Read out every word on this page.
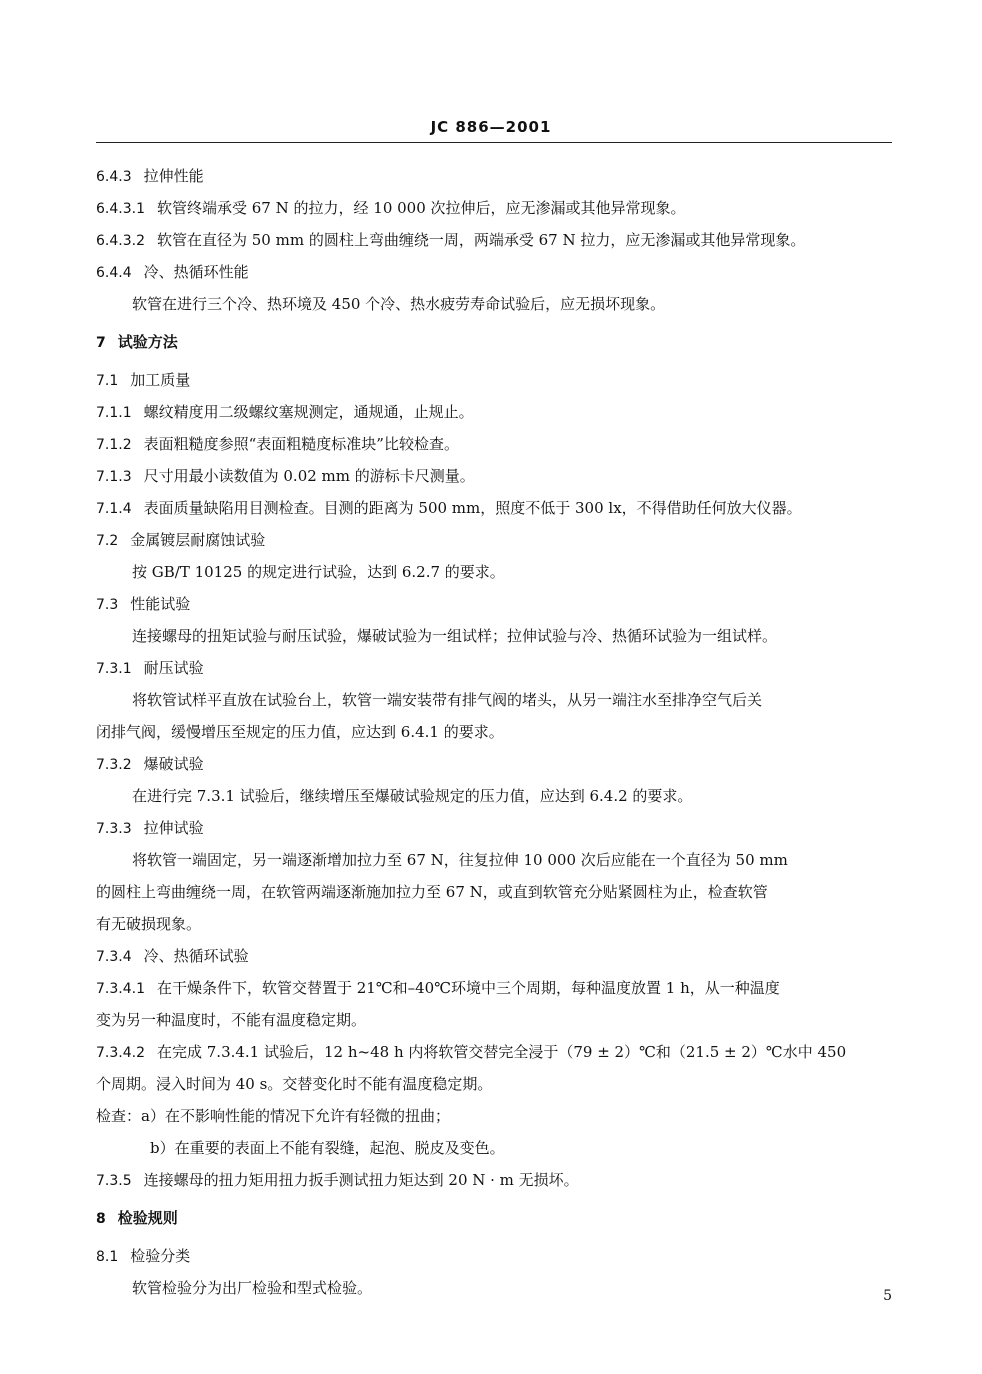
JC 886—2001
6.4.3 拉伸性能
6.4.3.1 软管终端承受 67 N 的拉力，经 10 000 次拉伸后，应无渗漏或其他异常现象。
6.4.3.2 软管在直径为 50 mm 的圆柱上弯曲缠绕一周，两端承受 67 N 拉力，应无渗漏或其他异常现象。
6.4.4 冷、热循环性能
软管在进行三个冷、热环境及 450 个冷、热水疲劳寿命试验后，应无损坏现象。
7 试验方法
7.1 加工质量
7.1.1 螺纹精度用二级螺纹塞规测定，通规通，止规止。
7.1.2 表面粗糙度参照“表面粗糙度标准块”比较检查。
7.1.3 尺寸用最小读数值为 0.02 mm 的游标卡尺测量。
7.1.4 表面质量缺陷用目测检查。目测的距离为 500 mm，照度不低于 300 lx，不得借助任何放大仪器。
7.2 金属镀层耐腐蚀试验
按 GB/T 10125 的规定进行试验，达到 6.2.7 的要求。
7.3 性能试验
连接螺母的扭矩试验与耐压试验，爆破试验为一组试样；拉伸试验与冷、热循环试验为一组试样。
7.3.1 耐压试验
将软管试样平直放在试验台上，软管一端安装带有排气阀的堵头，从另一端注水至排净空气后关
闭排气阀，缓慢增压至规定的压力值，应达到 6.4.1 的要求。
7.3.2 爆破试验
在进行完 7.3.1 试验后，继续增压至爆破试验规定的压力值，应达到 6.4.2 的要求。
7.3.3 拉伸试验
将软管一端固定，另一端逐渐增加拉力至 67 N，往复拉伸 10 000 次后应能在一个直径为 50 mm
的圆柱上弯曲缠绕一周，在软管两端逐渐施加拉力至 67 N，或直到软管充分贴紧圆柱为止，检查软管
有无破损现象。
7.3.4 冷、热循环试验
7.3.4.1 在干燥条件下，软管交替置于 21℃和–40℃环境中三个周期，每种温度放置 1 h，从一种温度
变为另一种温度时，不能有温度稳定期。
7.3.4.2 在完成 7.3.4.1 试验后，12 h~48 h 内将软管交替完全浸于（79 ± 2）℃和（21.5 ± 2）℃水中 450
个周期。浸入时间为 40 s。交替变化时不能有温度稳定期。
检查：a）在不影响性能的情况下允许有轻微的扭曲；
b）在重要的表面上不能有裂缝，起泡、脱皮及变色。
7.3.5 连接螺母的扭力矩用扭力扳手测试扭力矩达到 20 N · m 无损坏。
8 检验规则
8.1 检验分类
软管检验分为出厂检验和型式检验。	5
